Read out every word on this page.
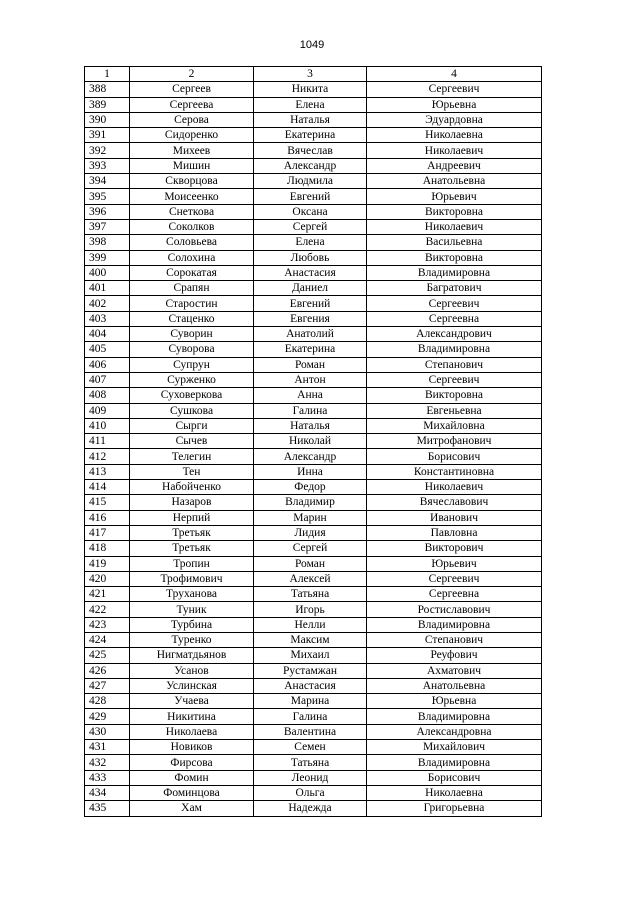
1049
1	2	3	4
388	Сергеев	Никита	Сергеевич
389	Сергеева	Елена	Юрьевна
390	Серова	Наталья	Эдуардовна
391	Сидоренко	Екатерина	Николаевна
392	Михеев	Вячеслав	Николаевич
393	Мишин	Александр	Андреевич
394	Скворцова	Людмила	Анатольевна
395	Моисеенко	Евгений	Юрьевич
396	Снеткова	Оксана	Викторовна
397	Соколков	Сергей	Николаевич
398	Соловьева	Елена	Васильевна
399	Солохина	Любовь	Викторовна
400	Сорокатая	Анастасия	Владимировна
401	Срапян	Даниел	Багратович
402	Старостин	Евгений	Сергеевич
403	Стаценко	Евгения	Сергеевна
404	Суворин	Анатолий	Александрович
405	Суворова	Екатерина	Владимировна
406	Супрун	Роман	Степанович
407	Сурженко	Антон	Сергеевич
408	Суховеркова	Анна	Викторовна
409	Сушкова	Галина	Евгеньевна
410	Сырги	Наталья	Михайловна
411	Сычев	Николай	Митрофанович
412	Телегин	Александр	Борисович
413	Тен	Инна	Константиновна
414	Набойченко	Федор	Николаевич
415	Назаров	Владимир	Вячеславович
416	Нерпий	Марин	Иванович
417	Третьяк	Лидия	Павловна
418	Третьяк	Сергей	Викторович
419	Тропин	Роман	Юрьевич
420	Трофимович	Алексей	Сергеевич
421	Труханова	Татьяна	Сергеевна
422	Туник	Игорь	Ростиславович
423	Турбина	Нелли	Владимировна
424	Туренко	Максим	Степанович
425	Нигматдьянов	Михаил	Реуфович
426	Усанов	Рустамжан	Ахматович
427	Услинская	Анастасия	Анатольевна
428	Учаева	Марина	Юрьевна
429	Никитина	Галина	Владимировна
430	Николаева	Валентина	Александровна
431	Новиков	Семен	Михайлович
432	Фирсова	Татьяна	Владимировна
433	Фомин	Леонид	Борисович
434	Фоминцова	Ольга	Николаевна
435	Хам	Надежда	Григорьевна
